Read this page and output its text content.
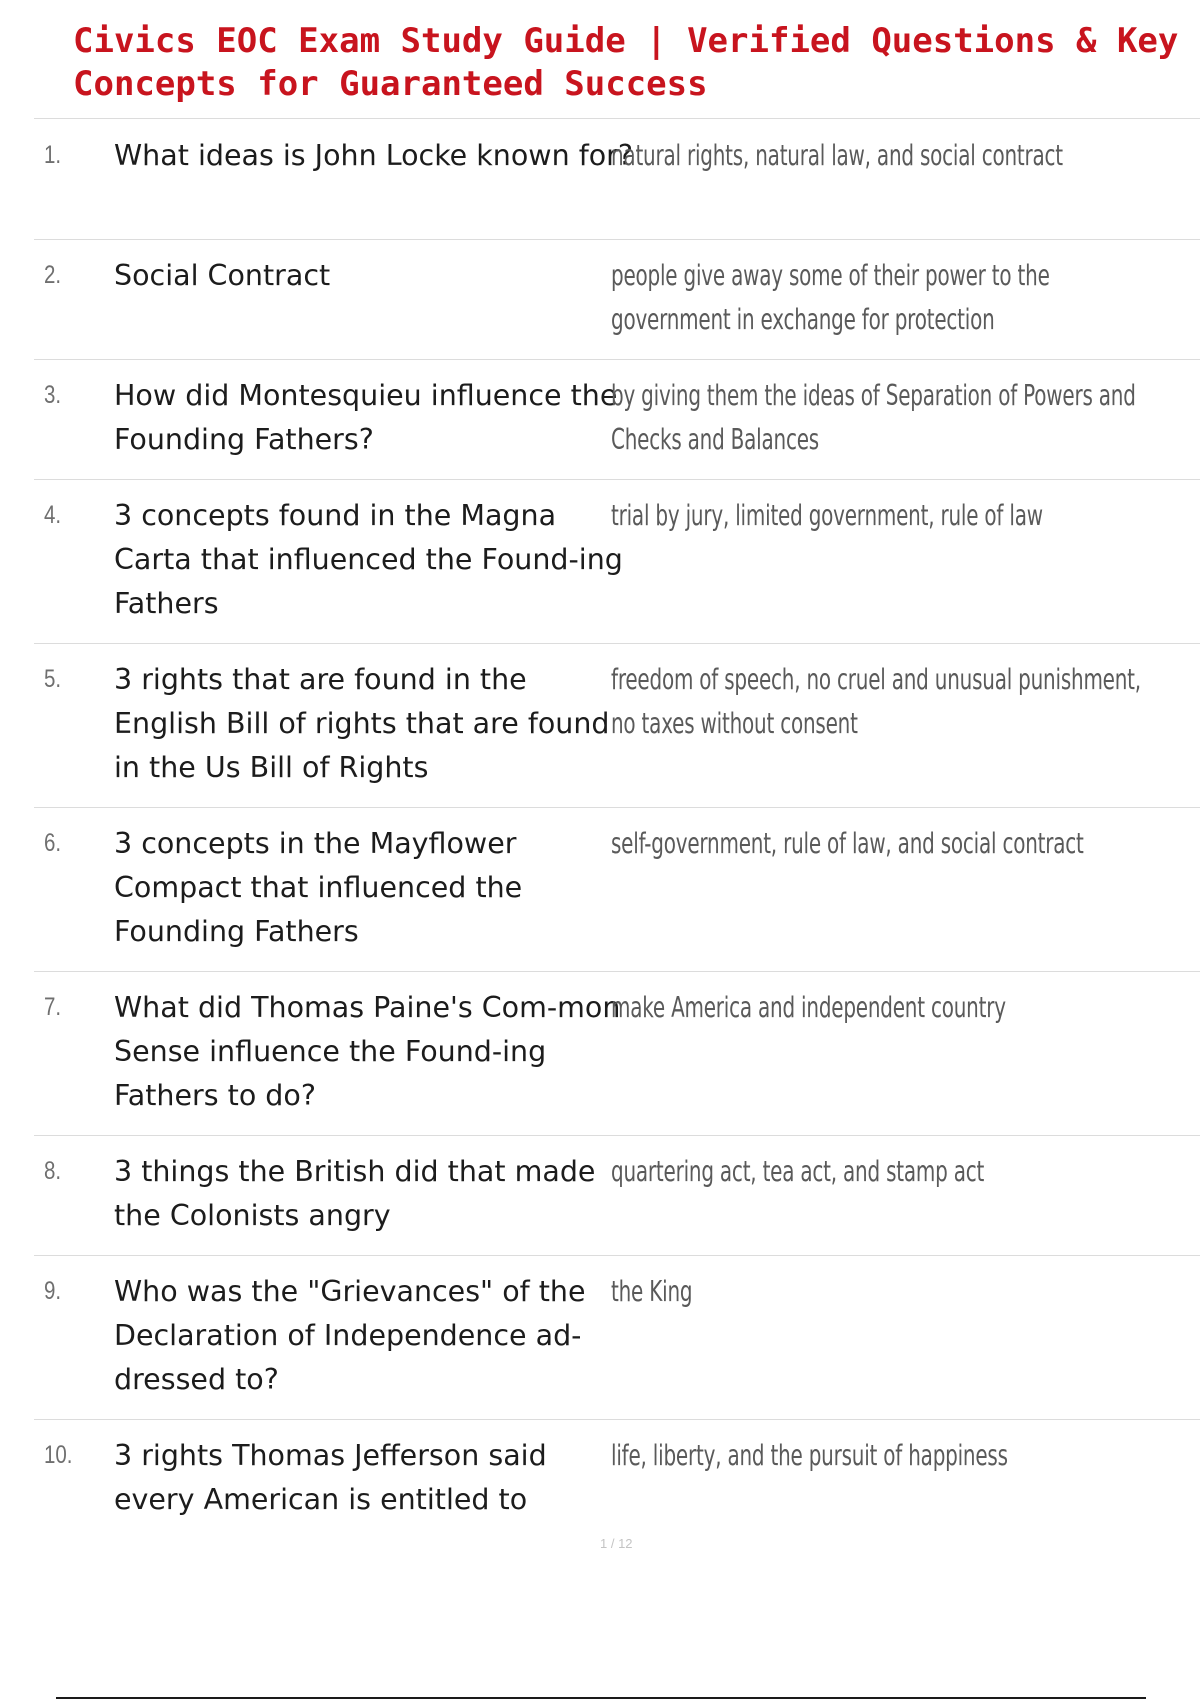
Civics EOC Exam Study Guide | Verified Questions & Key Concepts for Guaranteed Success
1. What ideas is John Locke known for?
natural rights, natural law, and social contract
2. Social Contract	people give away some of their power to the government in exchange for protection
3. How did Montesquieu influence the Founding Fathers?
by giving them the ideas of Separation of Powers and Checks and Balances
4. 3 concepts found in the Magna Carta that influenced the Found-ing Fathers
trial by jury, limited government, rule of law
5. 3 rights that are found in the English Bill of rights that are found in the Us Bill of Rights
freedom of speech, no cruel and unusual punishment, no taxes without consent
6. 3 concepts in the Mayflower Compact that influenced the Founding Fathers
self-government, rule of law, and social contract
7. What did Thomas Paine's Com-mon Sense influence the Found-ing Fathers to do?
make America and independent country
8. 3 things the British did that made the Colonists angry
quartering act, tea act, and stamp act
9. Who was the "Grievances" of the Declaration of Independence ad-dressed to?
the King
10. 3 rights Thomas Jefferson said every American is entitled to
life, liberty, and the pursuit of happiness
1 / 12
